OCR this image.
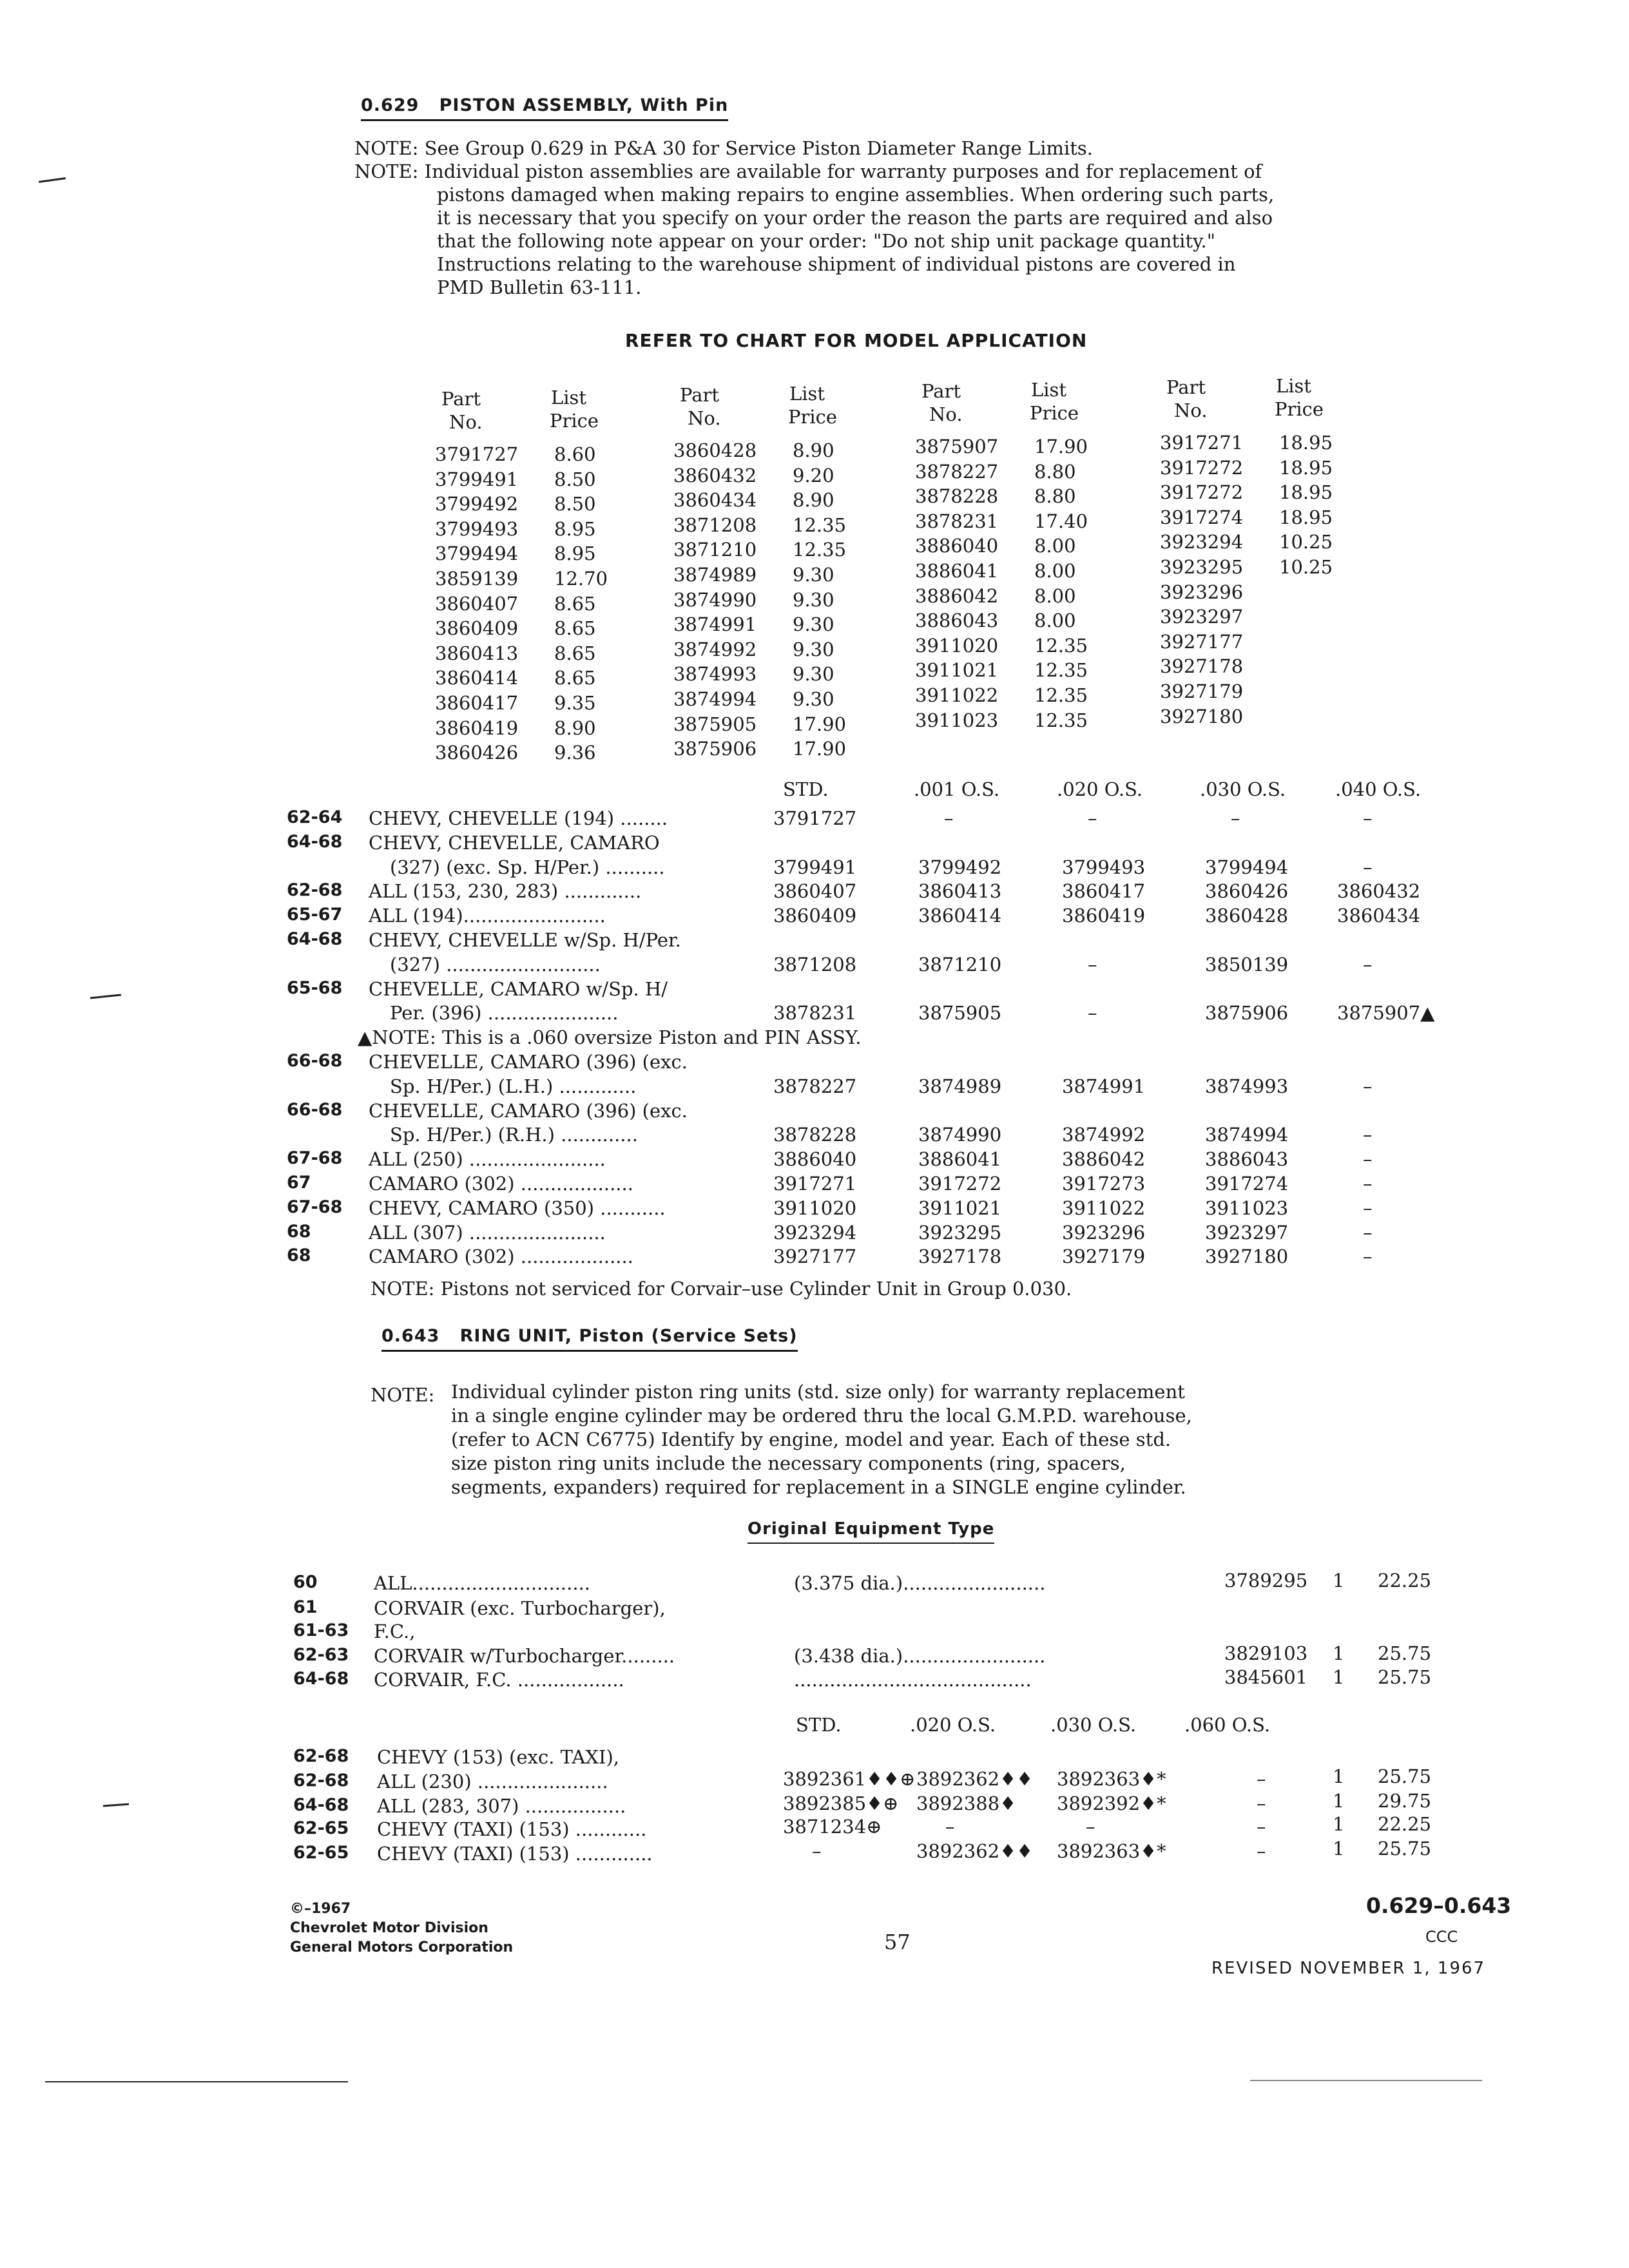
0.629 PISTON ASSEMBLY, With Pin
NOTE: See Group 0.629 in P&A 30 for Service Piston Diameter Range Limits.
NOTE: Individual piston assemblies are available for warranty purposes and for replacement of
pistons damaged when making repairs to engine assemblies. When ordering such parts,
it is necessary that you specify on your order the reason the parts are required and also
that the following note appear on your order: "Do not ship unit package quantity."
Instructions relating to the warehouse shipment of individual pistons are covered in
PMD Bulletin 63-111.
REFER TO CHART FOR MODEL APPLICATION
Part
No.
List
Price
3791727 8.60
3799491 8.50
3799492 8.50
3799493 8.95
3799494 8.95
3859139 12.70
3860407 8.65
3860409 8.65
3860413 8.65
3860414 8.65
3860417 9.35
3860419 8.90
3860426 9.36
Part
No.
List
Price
3860428 8.90
3860432 9.20
3860434 8.90
3871208 12.35
3871210 12.35
3874989 9.30
3874990 9.30
3874991 9.30
3874992 9.30
3874993 9.30
3874994 9.30
3875905 17.90
3875906 17.90
Part
No.
List
Price
3875907 17.90
3878227 8.80
3878228 8.80
3878231 17.40
3886040 8.00
3886041 8.00
3886042 8.00
3886043 8.00
3911020 12.35
3911021 12.35
3911022 12.35
3911023 12.35
Part
No.
List
Price
3917271 18.95
3917272 18.95
3917272 18.95
3917274 18.95
3923294 10.25
3923295 10.25
3923296
3923297
3927177
3927178
3927179
3927180
STD.	.001 O.S.	.020 O.S.	.030 O.S.	.040 O.S.
62-64 CHEVY, CHEVELLE (194) ........	3791727	–	–	–	–
64-68 CHEVY, CHEVELLE, CAMARO
(327) (exc. Sp. H/Per.) ..........	3799491	3799492	3799493	3799494	–
62-68 ALL (153, 230, 283) .............	3860407	3860413	3860417	3860426	3860432
65-67 ALL (194)........................	3860409	3860414	3860419	3860428	3860434
64-68 CHEVY, CHEVELLE w/Sp. H/Per.
(327) ..........................	3871208	3871210	–	3850139	–
65-68 CHEVELLE, CAMARO w/Sp. H/
Per. (396) ......................	3878231	3875905	–	3875906	3875907▲
▲NOTE: This is a .060 oversize Piston and PIN ASSY.
66-68 CHEVELLE, CAMARO (396) (exc.
Sp. H/Per.) (L.H.) .............	3878227	3874989	3874991	3874993	–
66-68 CHEVELLE, CAMARO (396) (exc.
Sp. H/Per.) (R.H.) .............	3878228	3874990	3874992	3874994	–
67-68 ALL (250) .......................	3886040	3886041	3886042	3886043	–
67	CAMARO (302) ...................	3917271	3917272	3917273	3917274	–
67-68 CHEVY, CAMARO (350) ...........	3911020	3911021	3911022	3911023	–
68	ALL (307) .......................	3923294	3923295	3923296	3923297	–
68	CAMARO (302) ...................	3927177	3927178	3927179	3927180	–
NOTE: Pistons not serviced for Corvair–use Cylinder Unit in Group 0.030.
0.643 RING UNIT, Piston (Service Sets)
NOTE: Individual cylinder piston ring units (std. size only) for warranty replacement
in a single engine cylinder may be ordered thru the local G.M.P.D. warehouse,
(refer to ACN C6775) Identify by engine, model and year. Each of these std.
size piston ring units include the necessary components (ring, spacers,
segments, expanders) required for replacement in a SINGLE engine cylinder.
Original Equipment Type
60	ALL..............................	(3.375 dia.)........................	3789295 1 22.25
61	CORVAIR (exc. Turbocharger),
61-63 F.C.,
62-63 CORVAIR w/Turbocharger.........	(3.438 dia.)........................	3829103 1 25.75
64-68 CORVAIR, F.C. ..................	........................................	3845601 1 25.75
STD.	.020 O.S.	.030 O.S.	.060 O.S.
62-68 CHEVY (153) (exc. TAXI),
62-68 ALL (230) ......................	3892361♦♦⊕ 3892362♦♦ 3892363♦*	–	1 25.75
64-68 ALL (283, 307) .................	3892385♦⊕ 3892388♦ 3892392♦*	–	1 29.75
62-65 CHEVY (TAXI) (153) ............	3871234⊕	–	–	–	1 22.25
62-65 CHEVY (TAXI) (153) .............	–	3892362♦♦ 3892363♦*	–	1 25.75
©–1967
Chevrolet Motor Division
General Motors Corporation	57
0.629–0.643
CCC
REVISED NOVEMBER 1, 1967
